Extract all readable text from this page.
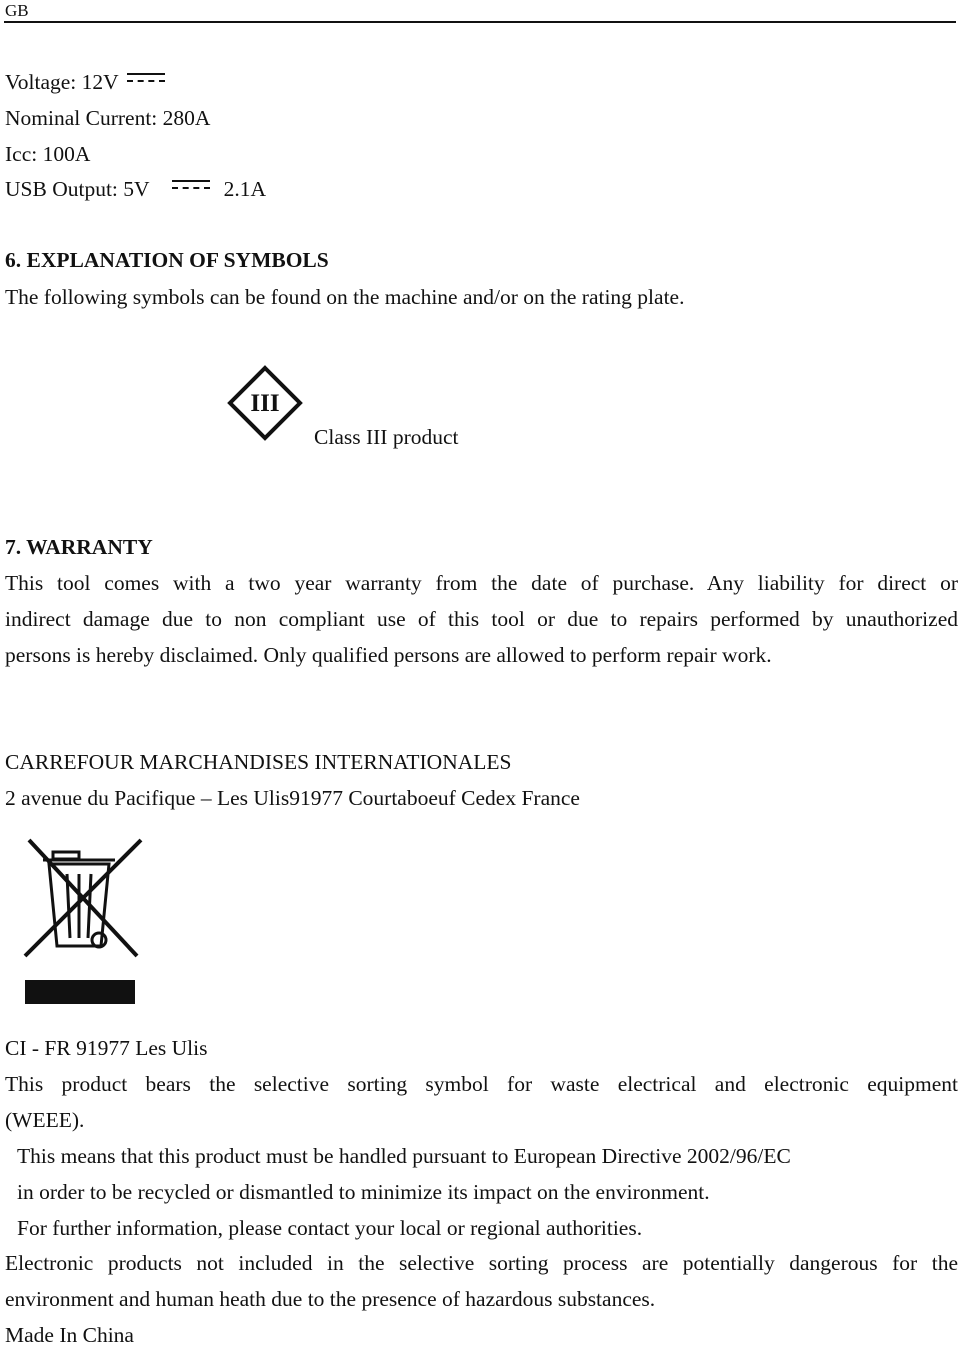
GB
Voltage: 12V
Nominal Current: 280A
Icc: 100A
USB Output: 5V	2.1A
6. EXPLANATION OF SYMBOLS
The following symbols can be found on the machine and/or on the rating plate.
III
Class III product
7. WARRANTY
This tool comes with a two year warranty from the date of purchase. Any liability for direct or
indirect damage due to non compliant use of this tool or due to repairs performed by unauthorized
persons is hereby disclaimed. Only qualified persons are allowed to perform repair work.
CARREFOUR MARCHANDISES INTERNATIONALES
2 avenue du Pacifique – Les Ulis91977 Courtaboeuf Cedex France
CI - FR 91977 Les Ulis
This product bears the selective sorting symbol for waste electrical and electronic equipment
(WEEE).
This means that this product must be handled pursuant to European Directive 2002/96/EC
in order to be recycled or dismantled to minimize its impact on the environment.
For further information, please contact your local or regional authorities.
Electronic products not included in the selective sorting process are potentially dangerous for the
environment and human heath due to the presence of hazardous substances.
Made In China
